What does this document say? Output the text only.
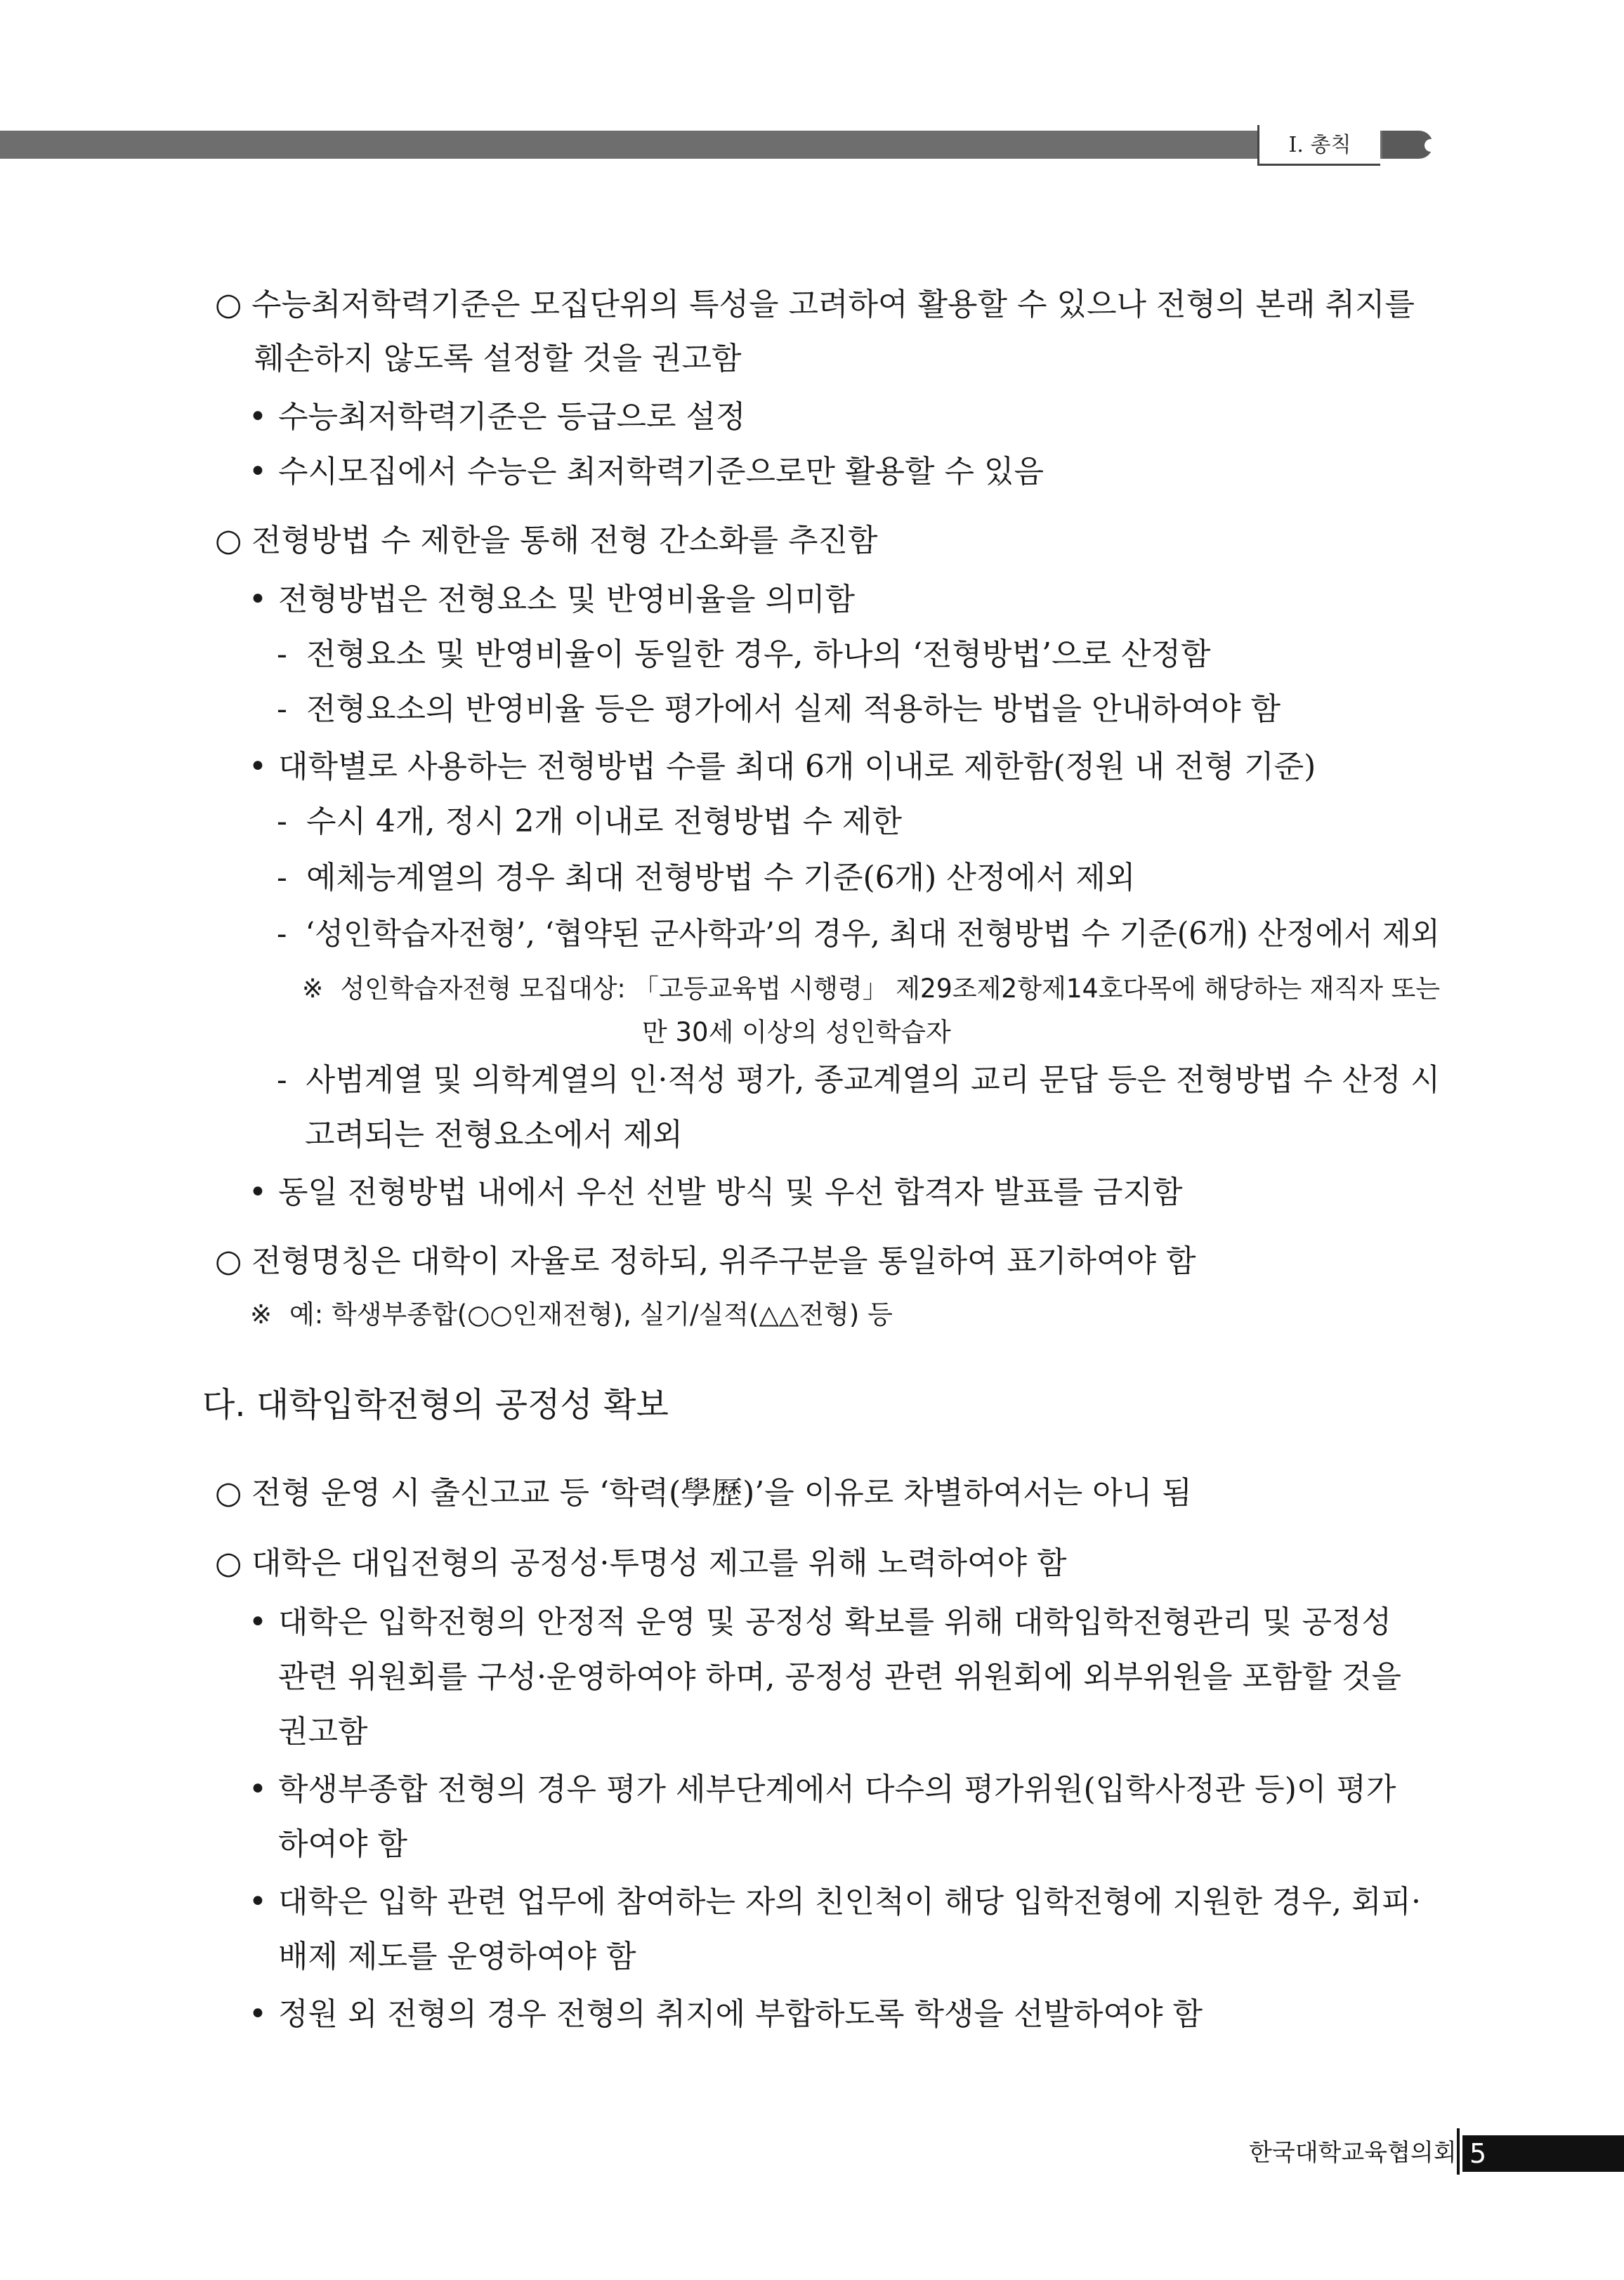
Ⅰ. 총칙
○ 수능최저학력기준은 모집단위의 특성을 고려하여 활용할 수 있으나 전형의 본래 취지를
훼손하지 않도록 설정할 것을 권고함
• 수능최저학력기준은 등급으로 설정
• 수시모집에서 수능은 최저학력기준으로만 활용할 수 있음
○ 전형방법 수 제한을 통해 전형 간소화를 추진함
• 전형방법은 전형요소 및 반영비율을 의미함
- 전형요소 및 반영비율이 동일한 경우, 하나의 ‘전형방법’으로 산정함
- 전형요소의 반영비율 등은 평가에서 실제 적용하는 방법을 안내하여야 함
• 대학별로 사용하는 전형방법 수를 최대 6개 이내로 제한함(정원 내 전형 기준)
- 수시 4개, 정시 2개 이내로 전형방법 수 제한
- 예체능계열의 경우 최대 전형방법 수 기준(6개) 산정에서 제외
- ‘성인학습자전형’, ‘협약된 군사학과’의 경우, 최대 전형방법 수 기준(6개) 산정에서 제외
※ 성인학습자전형 모집대상: 「고등교육법 시행령」 제29조제2항제14호다목에 해당하는 재직자 또는
만 30세 이상의 성인학습자
- 사범계열 및 의학계열의 인·적성 평가, 종교계열의 교리 문답 등은 전형방법 수 산정 시
고려되는 전형요소에서 제외
• 동일 전형방법 내에서 우선 선발 방식 및 우선 합격자 발표를 금지함
○ 전형명칭은 대학이 자율로 정하되, 위주구분을 통일하여 표기하여야 함
※ 예: 학생부종합(○○인재전형), 실기/실적(△△전형) 등
다. 대학입학전형의 공정성 확보
○ 전형 운영 시 출신고교 등 ‘학력(學歷)’을 이유로 차별하여서는 아니 됨
○ 대학은 대입전형의 공정성·투명성 제고를 위해 노력하여야 함
• 대학은 입학전형의 안정적 운영 및 공정성 확보를 위해 대학입학전형관리 및 공정성
관련 위원회를 구성·운영하여야 하며, 공정성 관련 위원회에 외부위원을 포함할 것을
권고함
• 학생부종합 전형의 경우 평가 세부단계에서 다수의 평가위원(입학사정관 등)이 평가
하여야 함
• 대학은 입학 관련 업무에 참여하는 자의 친인척이 해당 입학전형에 지원한 경우, 회피·
배제 제도를 운영하여야 함
• 정원 외 전형의 경우 전형의 취지에 부합하도록 학생을 선발하여야 함
한국대학교육협의회 5
